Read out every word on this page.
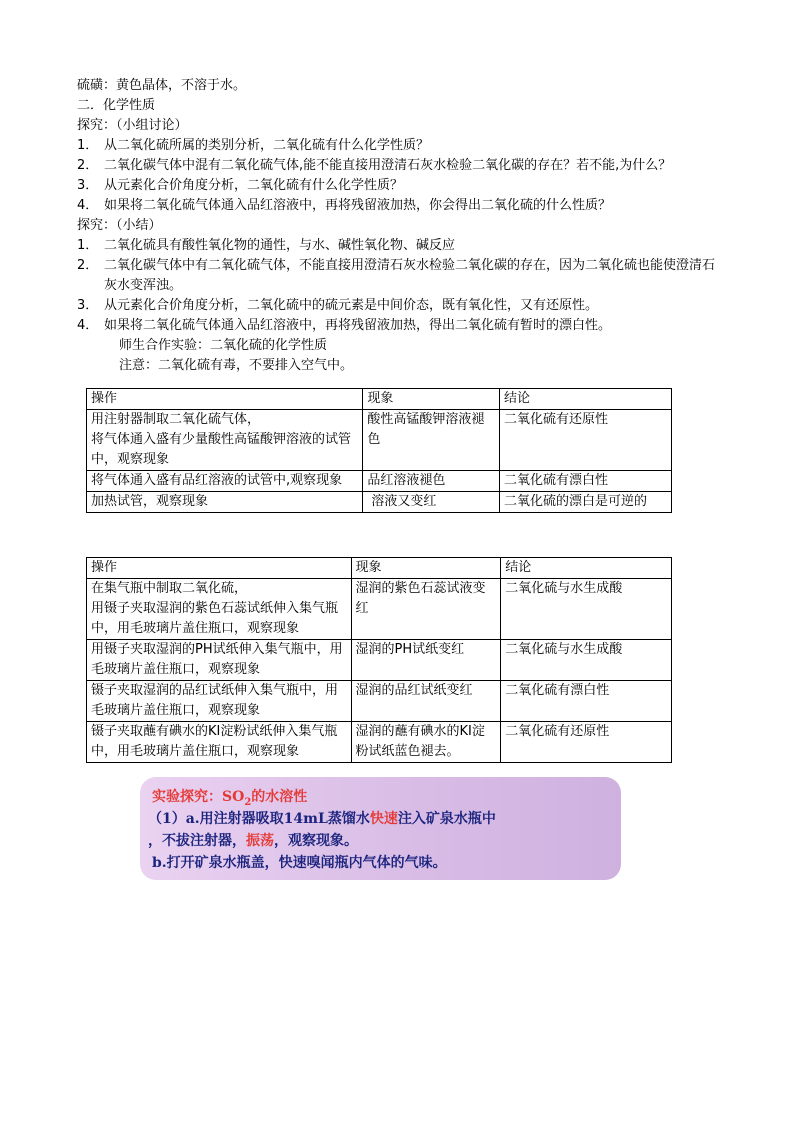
硫磺：黄色晶体，不溶于水。
二．化学性质
探究：（小组讨论）
1． 从二氧化硫所属的类别分析，二氧化硫有什么化学性质？
2． 二氧化碳气体中混有二氧化硫气体,能不能直接用澄清石灰水检验二氧化碳的存在？若不能,为什么？
3． 从元素化合价角度分析，二氧化硫有什么化学性质？
4． 如果将二氧化硫气体通入品红溶液中，再将残留液加热，你会得出二氧化硫的什么性质？
探究：（小结）
1． 二氧化硫具有酸性氧化物的通性，与水、碱性氧化物、碱反应
2． 二氧化碳气体中有二氧化硫气体，不能直接用澄清石灰水检验二氧化碳的存在，因为二氧化硫也能使澄清石灰水变浑浊。
3． 从元素化合价角度分析，二氧化硫中的硫元素是中间价态，既有氧化性，又有还原性。
4． 如果将二氧化硫气体通入品红溶液中，再将残留液加热，得出二氧化硫有暂时的漂白性。
师生合作实验：二氧化硫的化学性质
注意：二氧化硫有毒，不要排入空气中。
操作	现象	结论
用注射器制取二氧化硫气体，
将气体通入盛有少量酸性高锰酸钾溶液的试管中，观察现象	酸性高锰酸钾溶液褪色	二氧化硫有还原性
将气体通入盛有品红溶液的试管中,观察现象	品红溶液褪色	二氧化硫有漂白性
加热试管，观察现象	溶液又变红	二氧化硫的漂白是可逆的
操作	现象	结论
在集气瓶中制取二氧化硫，
用镊子夹取湿润的紫色石蕊试纸伸入集气瓶中，用毛玻璃片盖住瓶口，观察现象	湿润的紫色石蕊试液变红	二氧化硫与水生成酸
用镊子夹取湿润的PH试纸伸入集气瓶中，用毛玻璃片盖住瓶口，观察现象	湿润的PH试纸变红	二氧化硫与水生成酸
镊子夹取湿润的品红试纸伸入集气瓶中，用毛玻璃片盖住瓶口，观察现象	湿润的品红试纸变红	二氧化硫有漂白性
镊子夹取蘸有碘水的KI淀粉试纸伸入集气瓶中，用毛玻璃片盖住瓶口，观察现象	湿润的蘸有碘水的KI淀粉试纸蓝色褪去。	二氧化硫有还原性
实验探究：$SO_2$的水溶性
（1）a.用注射器吸取14mL蒸馏水快速注入矿泉水瓶中
，不拔注射器，振荡，观察现象。
b.打开矿泉水瓶盖，快速嗅闻瓶内气体的气味。
